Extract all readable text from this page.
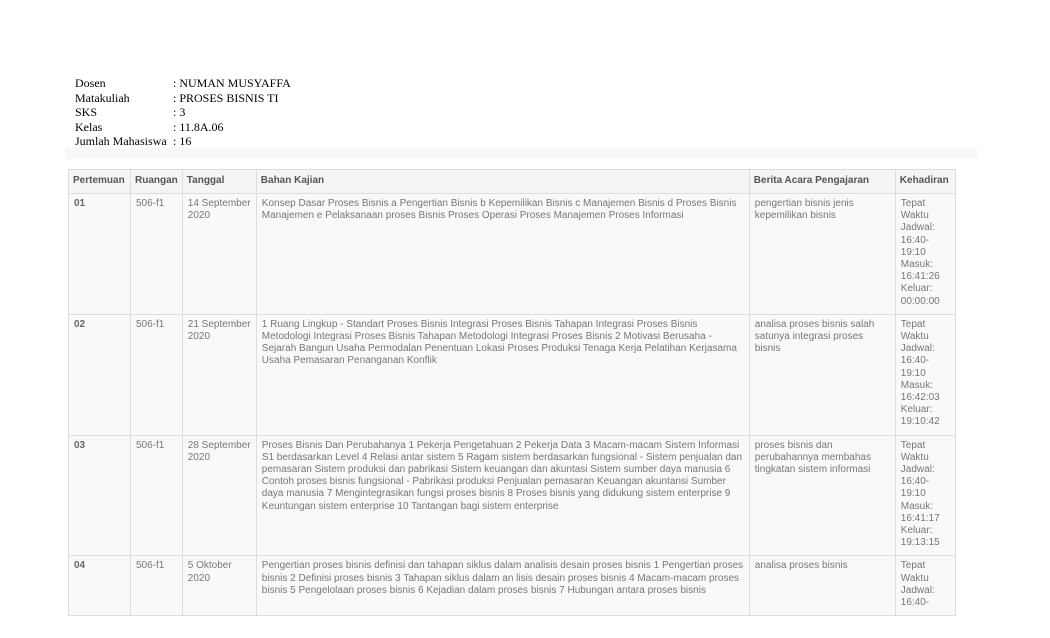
Dosen	: NUMAN MUSYAFFA
Matakuliah	: PROSES BISNIS TI
SKS	: 3
Kelas	: 11.8A.06
Jumlah Mahasiswa : 16
Pertemuan	Ruangan	Tanggal	Bahan Kajian	Berita Acara Pengajaran	Kehadiran
01	506-f1	14 September 2020	Konsep Dasar Proses Bisnis a Pengertian Bisnis b Kepemilikan Bisnis c Manajemen Bisnis d Proses Bisnis Manajemen e Pelaksanaan proses Bisnis Proses Operasi Proses Manajemen Proses Informasi	pengertian bisnis jenis kepemilikan bisnis	Tepat Waktu Jadwal: 16:40-19:10 Masuk: 16:41:26 Keluar: 00:00:00
02	506-f1	21 September 2020	1 Ruang Lingkup - Standart Proses Bisnis Integrasi Proses Bisnis Tahapan Integrasi Proses Bisnis Metodologi Integrasi Proses Bisnis Tahapan Metodologi Integrasi Proses Bisnis 2 Motivasi Berusaha - Sejarah Bangun Usaha Permodalan Penentuan Lokasi Proses Produksi Tenaga Kerja Pelatihan Kerjasama Usaha Pemasaran Penanganan Konflik	analisa proses bisnis salah satunya integrasi proses bisnis	Tepat Waktu Jadwal: 16:40-19:10 Masuk: 16:42:03 Keluar: 19:10:42
03	506-f1	28 September 2020	Proses Bisnis Dan Perubahanya 1 Pekerja Pengetahuan 2 Pekerja Data 3 Macam-macam Sistem Informasi S1 berdasarkan Level 4 Relasi antar sistem 5 Ragam sistem berdasarkan fungsional - Sistem penjualan dan pemasaran Sistem produksi dan pabrikasi Sistem keuangan dan akuntasi Sistem sumber daya manusia 6 Contoh proses bisnis fungsional - Pabrikasi produksi Penjualan pemasaran Keuangan akuntansi Sumber daya manusia 7 Mengintegrasikan fungsi proses bisnis 8 Proses bisnis yang didukung sistem enterprise 9 Keuntungan sistem enterprise 10 Tantangan bagi sistem enterprise	proses bisnis dan perubahannya membahas tingkatan sistem informasi	Tepat Waktu Jadwal: 16:40-19:10 Masuk: 16:41:17 Keluar: 19:13:15
04	506-f1	5 Oktober 2020	Pengertian proses bisnis definisi dan tahapan siklus dalam analisis desain proses bisnis 1 Pengertian proses bisnis 2 Definisi proses bisnis 3 Tahapan siklus dalam an lisis desain proses bisnis 4 Macam-macam proses bisnis 5 Pengelolaan proses bisnis 6 Kejadian dalam proses bisnis 7 Hubungan antara proses bisnis	analisa proses bisnis	Tepat Waktu Jadwal: 16:40-
